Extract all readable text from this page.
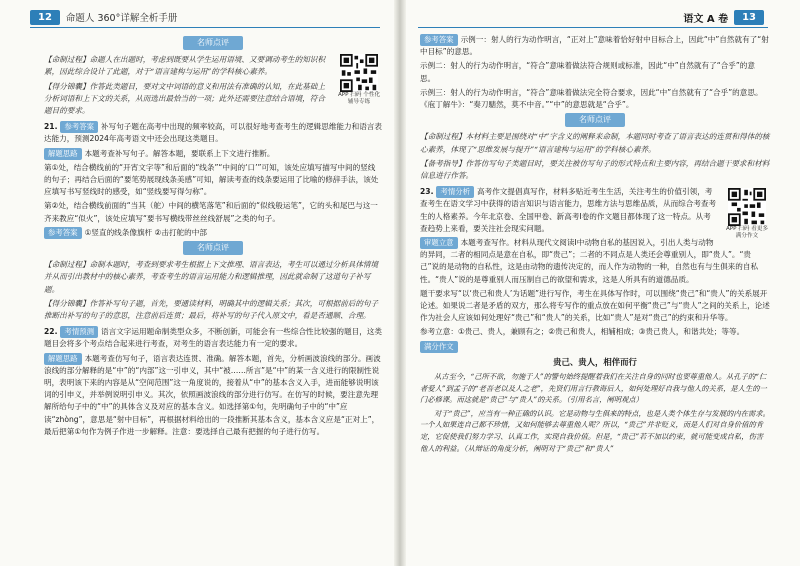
12	命题人 360°详解全析手册
名师点评
APP 扫码 个性化辅导专练

【命制过程】命题人在出题时，考虑到既要从学生运用语境、又要调动考生的知识积累，因此综合设计了此题，对于“语言建构与运用”的学科核心素养。

【得分锦囊】作答此类题目，要对文中词语的意义和用法有准确的认知，在此基础上分析词语和上下文的关系，从而选出最恰当的一项；此外还需要注意结合语境，符合题目的要求。

21. 参考答案 补写句子题在高考中出现的频率较高，可以很好地考查考生的逻辑思维能力和语言表达能力，预测2024年高考语文中还会出现这类题目。

解题思路 本题考查补写句子。解答本题，要联系上下文进行推断。

第①处，结合横线前的“开宵文字等”和后面的“线条”“中间的‘口’”可知，该处应填写描写中间的竖线的句子；再结合后面的“要笔势展现线条美感”可知，解读考查的线条要运用了比喻的修辞手法，该处应填写书写竖线时的感受，如“竖线要写得匀称”。

第②处，结合横线前面的“当其（舵）中间的横笔落笔”和后面的“似线般运笔”，它的头和尾巴与这一齐来教应“似火”，该处应填写“要书写横线带丝丝线舒展”之类的句子。

参考答案 ①竖直的线条像旗杆 ②击打舵的中部

名师点评

【命制过程】命制本题时，考查到要求考生根据上下文推理、语言表达，考生可以通过分析具体情境并从而引出教材中的核心素养，考查考生的语言运用能力和逻辑推理，因此就命制了这道句子补写题。

【得分锦囊】作答补写句子题，首先，要通读材料，明确其中的逻辑关系；其次，可根据前后的句子推断出补写的句子的意思，注意前后连贯；最后，将补写的句子代入原文中，看是否通顺、合理。

22. 考情预测 语言文字运用题命制类型众多，不断创新，可能会有一些综合性比较强的题目，这类题目会将多个考点结合起来进行考查，对考生的语言表达能力有一定的要求。

解题思路 本题考查仿写句子，语言表达连贯、准确。解答本题，首先，分析画波浪线的部分。画波浪线的部分解释的是“中”的“内部”这一引申义，其中“被……所言”是“中”的某一含义进行的限制性说明，表明该下来的内容是从“空间范围”这一角度说的，接着从“中”的基本含义入手，进而能够说明该词的引申义，并举例说明引申义。其次，依照画波浪线的部分进行仿写。在仿写的时候，要注意先理解所给句子中的“中”的具体含义及对应的基本含义。如选择第①句，先明确句子中的“中”应读“zhòng”，意思是“射中目标”，再根据材料给出的一段推断其基本含义，基本含义应是“正对上”，最后把第①句作为例子作进一步解释。注意：要选择自己最有把握的句子进行仿写。

语文 A 卷	13

参考答案 示例一：射人的行为动作明言，“正对上”意味着恰好射中目标合上，因此“中”自然就有了“射中目标”的意思。

示例二：射人的行为动作明言，“符合”意味着做法符合规则或标准，因此“中”自然就有了“合乎”的意思。

示例三：射人的行为动作明言，“符合”意味着做法完全符合要求，因此“中”自然就有了“合乎”的意思。《庖丁解牛》：“奏刀騞然，莫不中音。”“中”的意思就是“合乎”。

名师点评

【命制过程】本材料主要是围绕对“中”字含义的阐释来命制，本题同时考查了语言表达的连贯和得体的核心素养，体现了“思维发展与提升”“语言建构与运用”的学科核心素养。

【备考指导】作答仿写句子类题目时，要关注被仿写句子的形式特点和主要内容，再结合题干要求和材料信息进行作答。

APP 扫码 看更多满分作文

23. 考情分析 高考作文提倡真写作，材料多贴近考生生活，关注考生的价值引领，考查考生在语文学习中获得的语言知识与语言能力，思维方法与思维品质，从而综合考查考生的人格素养。今年北京卷、全国甲卷、新高考Ⅰ卷的作文题目都体现了这一特点。从考查趋势上来看，要关注社会现实问题。

审题立意 本题考查写作。材料从现代文阅读Ⅰ中动物自私的基因说入，引出人类与动物的异同，二者的相同点是意在自私，即“贵己”；二者的不同点是人类还会尊重别人，即“贵人”。“贵己”说的是动物的自私性，这是由动物的遗传决定的，而人作为动物的一种，自然也有与生俱来的自私性。“贵人”说的是尊重别人而压制自己的欲望和需求，这是人所具有的道德品质。

题干要求写“以‘贵己和贵人’为话题”进行写作，考生在具体写作时，可以围绕“贵己”和“贵人”的关系展开论述。如果说二者是矛盾的双方，那么将专写作的重点放在如何平衡“贵己”与“贵人”之间的关系上，论述作为社会人应该如何处理好“贵己”和“贵人”的关系，比如“贵人”是对“贵己”的约束和升华等。

参考立意：①贵己、贵人，兼顾有之；②贵己和贵人，相辅相成；③贵己贵人，和谐共处；等等。

满分作文

贵己、贵人，相伴而行

从古至今，“己所不欲，勿施于人”的警句始终提醒着我们在关注自身的同时也要尊重他人。从孔子的“仁者爱人”到孟子的“老吾老以及人之老”，先贤们用言行教诲后人，如何处理好自我与他人的关系，是人生的一门必修课。而这就是“贵己”与“贵人”的关系。（引用名言，阐明观点）

对于“贵己”，应当有一种正确的认识。它是动物与生俱来的特点，也是人类个体生存与发展的内在需求。一个人如果连自己都不珍惜，又如何能够去尊重他人呢？所以，“贵己”并非贬义，而是人们对自身价值的肯定，它促使我们努力学习、认真工作，实现自我价值。但是，“贵己”若不加以约束，就可能变成自私，伤害他人的利益。（从辩证的角度分析，阐明对于“贵己”和“贵人”
